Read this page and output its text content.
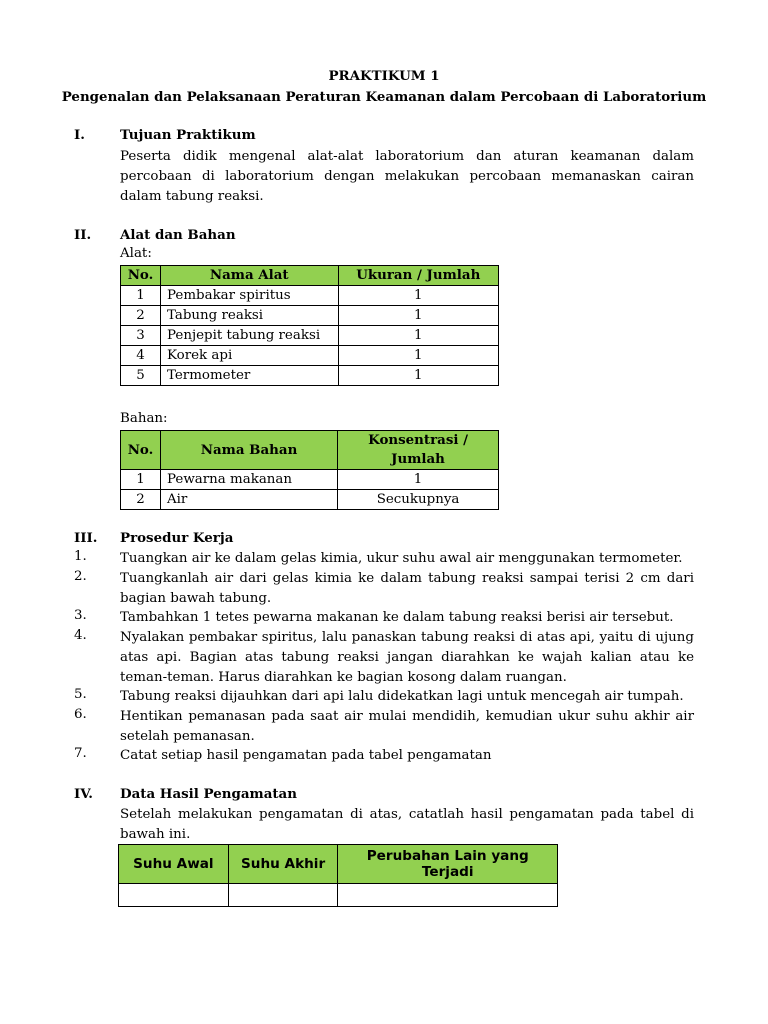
PRAKTIKUM 1
Pengenalan dan Pelaksanaan Peraturan Keamanan dalam Percobaan di Laboratorium
I.	Tujuan Praktikum
Peserta didik mengenal alat-alat laboratorium dan aturan keamanan dalam percobaan di laboratorium dengan melakukan percobaan memanaskan cairan dalam tabung reaksi.
II. Alat dan Bahan
Alat:
No.	Nama Alat	Ukuran / Jumlah
1	Pembakar spiritus	1
2	Tabung reaksi	1
3	Penjepit tabung reaksi	1
4	Korek api	1
5	Termometer	1
Bahan:
No.	Nama Bahan	Konsentrasi / Jumlah
1	Pewarna makanan	1
2	Air	Secukupnya
III. Prosedur Kerja
1. Tuangkan air ke dalam gelas kimia, ukur suhu awal air menggunakan termometer.
2. Tuangkanlah air dari gelas kimia ke dalam tabung reaksi sampai terisi 2 cm dari bagian bawah tabung.
3. Tambahkan 1 tetes pewarna makanan ke dalam tabung reaksi berisi air tersebut.
4. Nyalakan pembakar spiritus, lalu panaskan tabung reaksi di atas api, yaitu di ujung atas api. Bagian atas tabung reaksi jangan diarahkan ke wajah kalian atau ke teman-teman. Harus diarahkan ke bagian kosong dalam ruangan.
5. Tabung reaksi dijauhkan dari api lalu didekatkan lagi untuk mencegah air tumpah.
6. Hentikan pemanasan pada saat air mulai mendidih, kemudian ukur suhu akhir air setelah pemanasan.
7. Catat setiap hasil pengamatan pada tabel pengamatan
IV. Data Hasil Pengamatan
Setelah melakukan pengamatan di atas, catatlah hasil pengamatan pada tabel di bawah ini.
Suhu Awal	Suhu Akhir	Perubahan Lain yang Terjadi
